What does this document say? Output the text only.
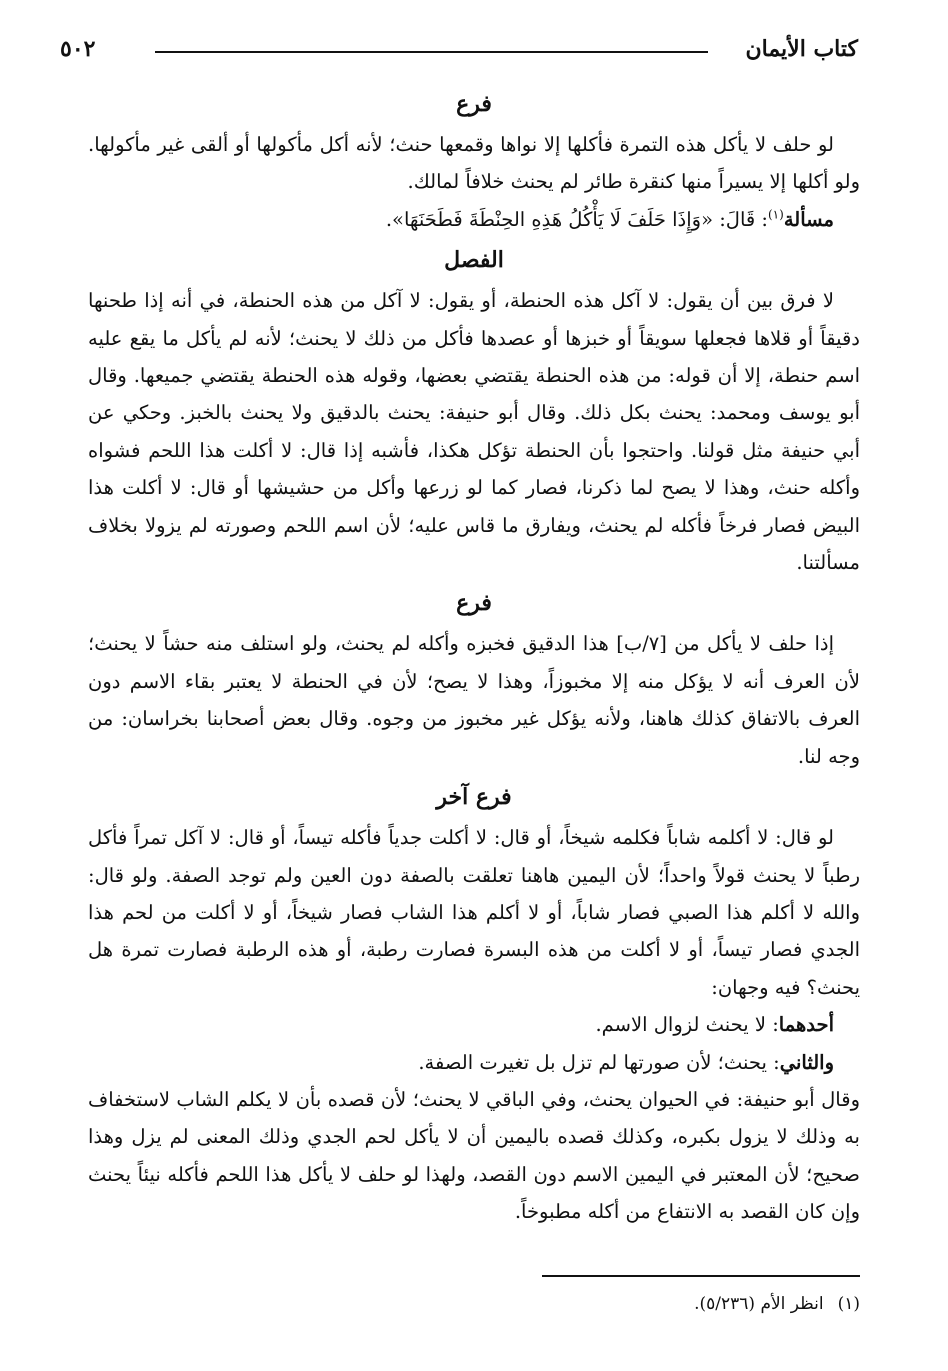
كتاب الأيمان
٥٠٢
فرع

لو حلف لا يأكل هذه التمرة فأكلها إلا نواها وقمعها حنث؛ لأنه أكل مأكولها أو ألقى غير مأكولها. ولو أكلها إلا يسيراً منها كنقرة طائر لم يحنث خلافاً لمالك.

مسألة$^{(١)}$: قَالَ: «وَإِذَا حَلَفَ لَا يَأْكُلُ هَذِهِ الحِنْطَةَ فَطَحَنَهَا».

الفصل

لا فرق بين أن يقول: لا آكل هذه الحنطة، أو يقول: لا آكل من هذه الحنطة، في أنه إذا طحنها دقيقاً أو قلاها فجعلها سويقاً أو خبزها أو عصدها فأكل من ذلك لا يحنث؛ لأنه لم يأكل ما يقع عليه اسم حنطة، إلا أن قوله: من هذه الحنطة يقتضي بعضها، وقوله هذه الحنطة يقتضي جميعها. وقال أبو يوسف ومحمد: يحنث بكل ذلك. وقال أبو حنيفة: يحنث بالدقيق ولا يحنث بالخبز. وحكي عن أبي حنيفة مثل قولنا. واحتجوا بأن الحنطة تؤكل هكذا، فأشبه إذا قال: لا أكلت هذا اللحم فشواه وأكله حنث، وهذا لا يصح لما ذكرنا، فصار كما لو زرعها وأكل من حشيشها أو قال: لا أكلت هذا البيض فصار فرخاً فأكله لم يحنث، ويفارق ما قاس عليه؛ لأن اسم اللحم وصورته لم يزولا بخلاف مسألتنا.

فرع

إذا حلف لا يأكل من [٧/ب] هذا الدقيق فخبزه وأكله لم يحنث، ولو استلف منه حشاً لا يحنث؛ لأن العرف أنه لا يؤكل منه إلا مخبوزاً، وهذا لا يصح؛ لأن في الحنطة لا يعتبر بقاء الاسم دون العرف بالاتفاق كذلك هاهنا، ولأنه يؤكل غير مخبوز من وجوه. وقال بعض أصحابنا بخراسان: من وجه لنا.

فرع آخر

لو قال: لا أكلمه شاباً فكلمه شيخاً، أو قال: لا أكلت جدياً فأكله تيساً، أو قال: لا آكل تمراً فأكل رطباً لا يحنث قولاً واحداً؛ لأن اليمين هاهنا تعلقت بالصفة دون العين ولم توجد الصفة. ولو قال: والله لا أكلم هذا الصبي فصار شاباً، أو لا أكلم هذا الشاب فصار شيخاً، أو لا أكلت من لحم هذا الجدي فصار تيساً، أو لا أكلت من هذه البسرة فصارت رطبة، أو هذه الرطبة فصارت تمرة هل يحنث؟ فيه وجهان:

أحدهما: لا يحنث لزوال الاسم.

والثاني: يحنث؛ لأن صورتها لم تزل بل تغيرت الصفة.

وقال أبو حنيفة: في الحيوان يحنث، وفي الباقي لا يحنث؛ لأن قصده بأن لا يكلم الشاب لاستخفاف به وذلك لا يزول بكبره، وكذلك قصده باليمين أن لا يأكل لحم الجدي وذلك المعنى لم يزل وهذا صحيح؛ لأن المعتبر في اليمين الاسم دون القصد، ولهذا لو حلف لا يأكل هذا اللحم فأكله نيئاً يحنث وإن كان القصد به الانتفاع من أكله مطبوخاً.

(١)انظر الأم (٥/٢٣٦).
